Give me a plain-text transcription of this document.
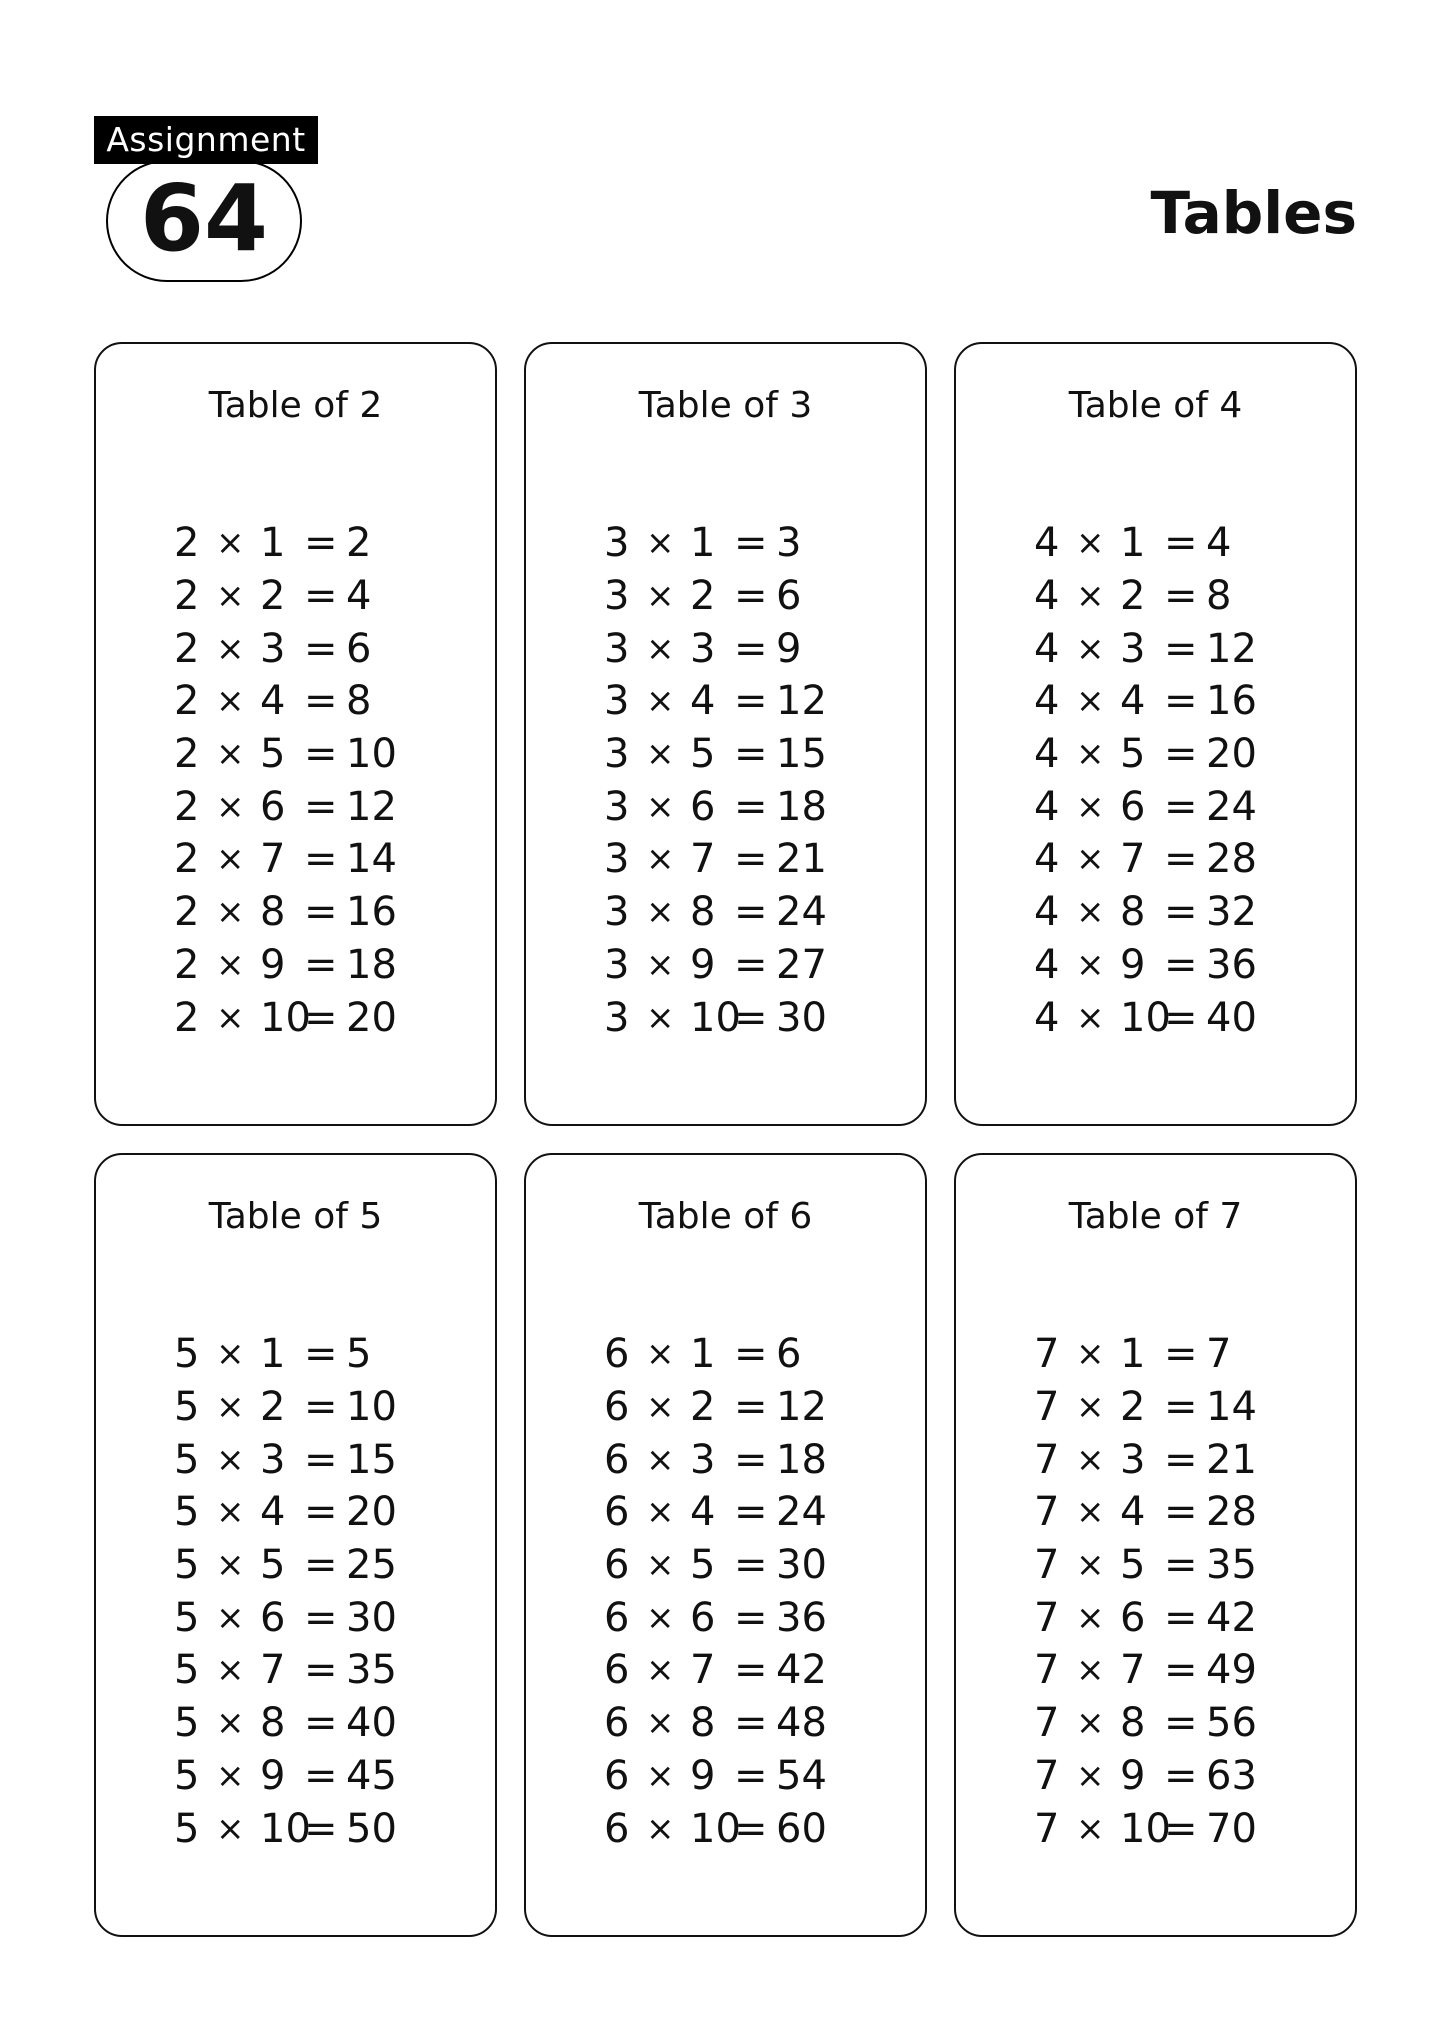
Assignment
64	Tables
Table of 2
2 × 1 = 2
2 × 2 = 4
2 × 3 = 6
2 × 4 = 8
2 × 5 = 10
2 × 6 = 12
2 × 7 = 14
2 × 8 = 16
2 × 9 = 18
2 × 10
= 20
Table of 3
3 × 1 = 3
3 × 2 = 6
3 × 3 = 9
3 × 4 = 12
3 × 5 = 15
3 × 6 = 18
3 × 7 = 21
3 × 8 = 24
3 × 9 = 27
3 × 10
= 30
Table of 4
4 × 1 = 4
4 × 2 = 8
4 × 3 = 12
4 × 4 = 16
4 × 5 = 20
4 × 6 = 24
4 × 7 = 28
4 × 8 = 32
4 × 9 = 36
4 × 10
= 40
Table of 5
5 × 1 = 5
5 × 2 = 10
5 × 3 = 15
5 × 4 = 20
5 × 5 = 25
5 × 6 = 30
5 × 7 = 35
5 × 8 = 40
5 × 9 = 45
5 × 10
= 50
Table of 6
6 × 1 = 6
6 × 2 = 12
6 × 3 = 18
6 × 4 = 24
6 × 5 = 30
6 × 6 = 36
6 × 7 = 42
6 × 8 = 48
6 × 9 = 54
6 × 10
= 60
Table of 7
7 × 1 = 7
7 × 2 = 14
7 × 3 = 21
7 × 4 = 28
7 × 5 = 35
7 × 6 = 42
7 × 7 = 49
7 × 8 = 56
7 × 9 = 63
7 × 10
= 70
